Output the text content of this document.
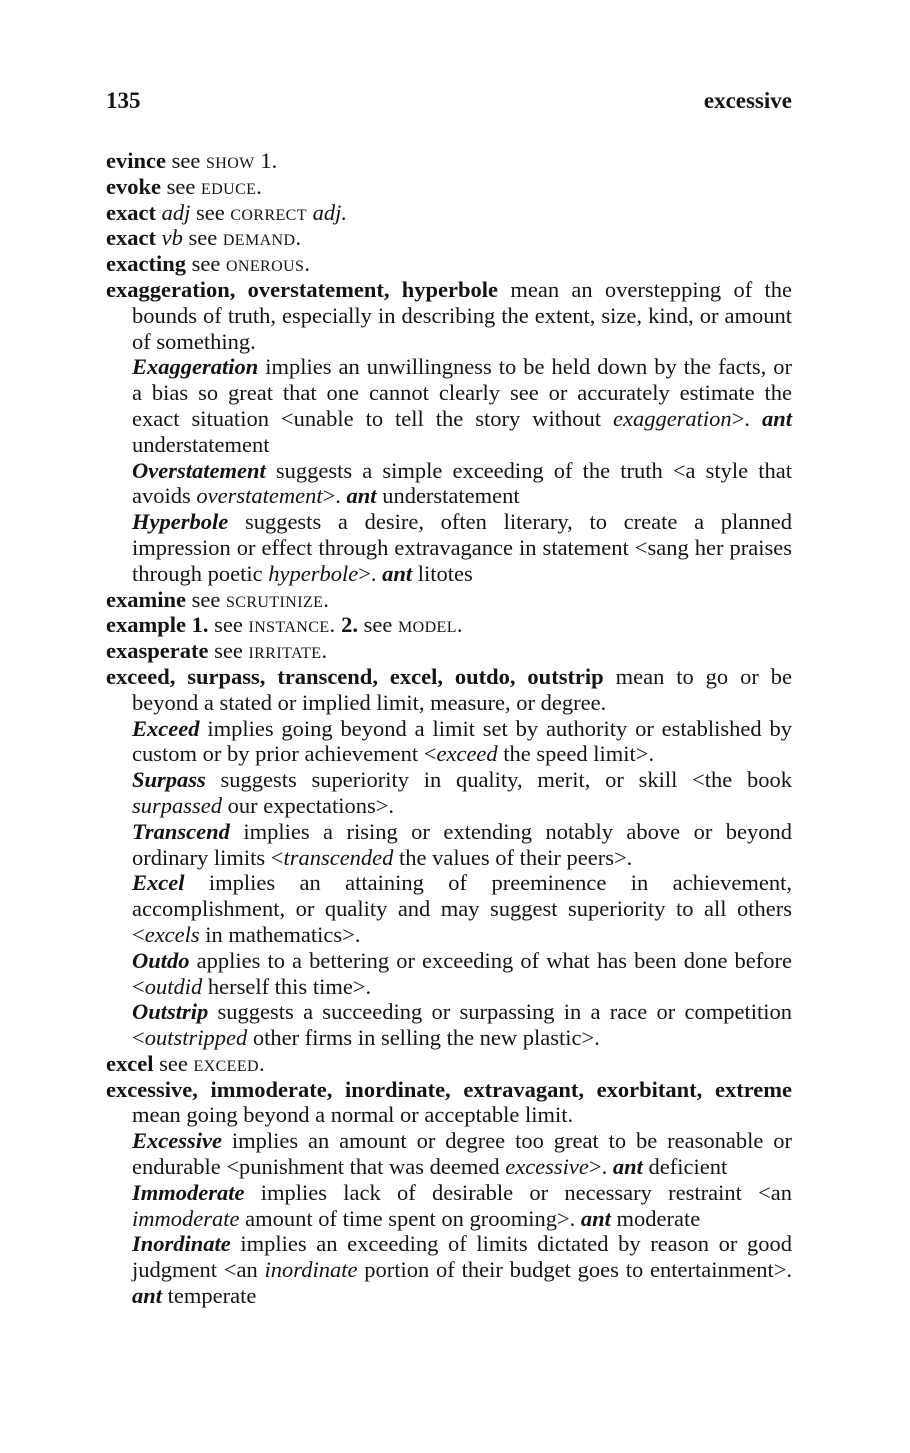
135	excessive
evince see show 1.
evoke see educe.
exact adj see correct adj.
exact vb see demand.
exacting see onerous.
exaggeration, overstatement, hyperbole mean an overstepping of the bounds of truth, especially in describing the extent, size, kind, or amount of something.
Exaggeration implies an unwillingness to be held down by the facts, or a bias so great that one cannot clearly see or accurately estimate the exact situation <unable to tell the story without exaggeration>. ant understatement
Overstatement suggests a simple exceeding of the truth <a style that avoids overstatement>. ant understatement
Hyperbole suggests a desire, often literary, to create a planned impression or effect through extravagance in statement <sang her praises through poetic hyperbole>. ant litotes
examine see scrutinize.
example 1. see instance. 2. see model.
exasperate see irritate.
exceed, surpass, transcend, excel, outdo, outstrip mean to go or be beyond a stated or implied limit, measure, or degree.
Exceed implies going beyond a limit set by authority or established by custom or by prior achievement <exceed the speed limit>.
Surpass suggests superiority in quality, merit, or skill <the book surpassed our expectations>.
Transcend implies a rising or extending notably above or beyond ordinary limits <transcended the values of their peers>.
Excel implies an attaining of preeminence in achievement, accomplishment, or quality and may suggest superiority to all others <excels in mathematics>.
Outdo applies to a bettering or exceeding of what has been done before <outdid herself this time>.
Outstrip suggests a succeeding or surpassing in a race or competition <outstripped other firms in selling the new plastic>.
excel see exceed.
excessive, immoderate, inordinate, extravagant, exorbitant, extreme mean going beyond a normal or acceptable limit.
Excessive implies an amount or degree too great to be reasonable or endurable <punishment that was deemed excessive>. ant deficient
Immoderate implies lack of desirable or necessary restraint <an immoderate amount of time spent on grooming>. ant moderate
Inordinate implies an exceeding of limits dictated by reason or good judgment <an inordinate portion of their budget goes to entertainment>. ant temperate
